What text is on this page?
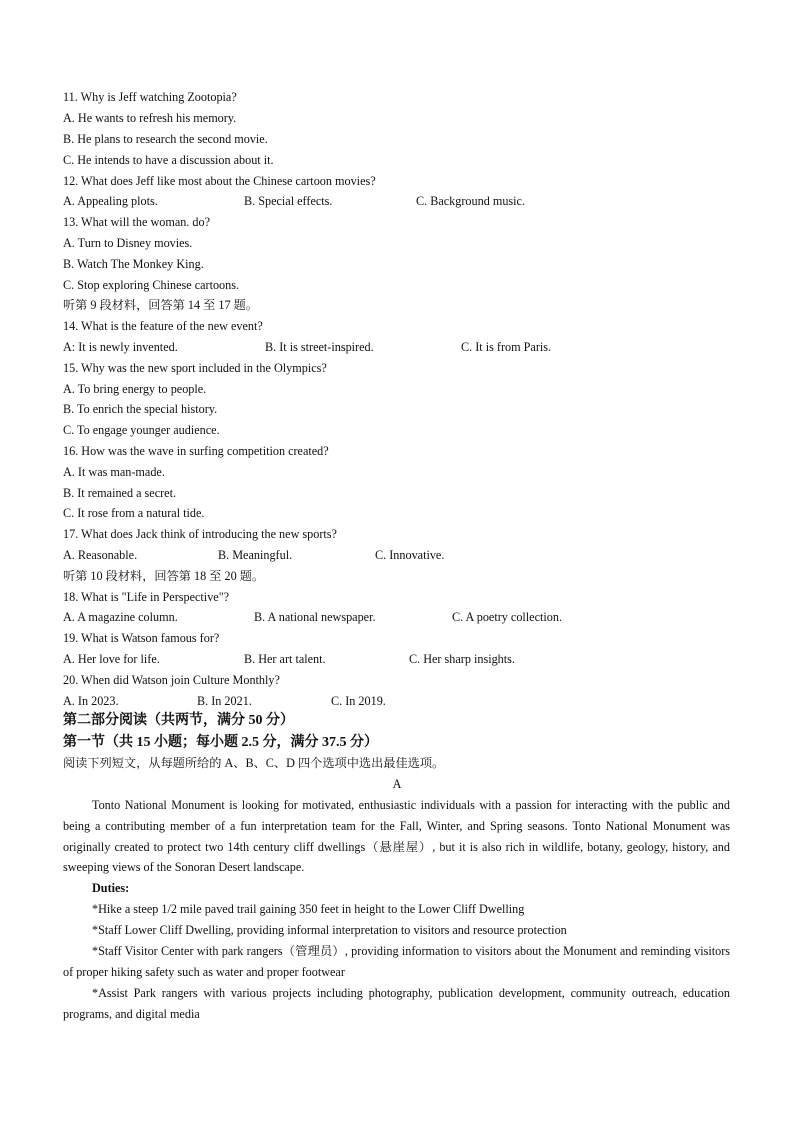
11. Why is Jeff watching Zootopia?
A. He wants to refresh his memory.
B. He plans to research the second movie.
C. He intends to have a discussion about it.
12. What does Jeff like most about the Chinese cartoon movies?
A. Appealing plots.	B. Special effects.	C. Background music.
13. What will the woman. do?
A. Turn to Disney movies.
B. Watch The Monkey King.
C. Stop exploring Chinese cartoons.
听第 9 段材料，回答第 14 至 17 题。
14. What is the feature of the new event?
A: It is newly invented.	B. It is street-inspired.	C. It is from Paris.
15. Why was the new sport included in the Olympics?
A. To bring energy to people.
B. To enrich the special history.
C. To engage younger audience.
16. How was the wave in surfing competition created?
A. It was man-made.
B. It remained a secret.
C. It rose from a natural tide.
17. What does Jack think of introducing the new sports?
A. Reasonable.	B. Meaningful.	C. Innovative.
听第 10 段材料，回答第 18 至 20 题。
18. What is "Life in Perspective"?
A. A magazine column.	B. A national newspaper.	C. A poetry collection.
19. What is Watson famous for?
A. Her love for life.	B. Her art talent.	C. Her sharp insights.
20. When did Watson join Culture Monthly?
A. In 2023.	B. In 2021.	C. In 2019.
第二部分阅读（共两节，满分 50 分）
第一节（共 15 小题；每小题 2.5 分，满分 37.5 分）
阅读下列短文，从每题所给的 A、B、C、D 四个选项中选出最佳选项。
A
Tonto National Monument is looking for motivated, enthusiastic individuals with a passion for interacting with the public and being a contributing member of a fun interpretation team for the Fall, Winter, and Spring seasons. Tonto National Monument was originally created to protect two 14th century cliff dwellings（悬崖屋）, but it is also rich in wildlife, botany, geology, history, and sweeping views of the Sonoran Desert landscape.
Duties:
*Hike a steep 1/2 mile paved trail gaining 350 feet in height to the Lower Cliff Dwelling
*Staff Lower Cliff Dwelling, providing informal interpretation to visitors and resource protection
*Staff Visitor Center with park rangers（管理员）, providing information to visitors about the Monument and reminding visitors of proper hiking safety such as water and proper footwear
*Assist Park rangers with various projects including photography, publication development, community outreach, education programs, and digital media
